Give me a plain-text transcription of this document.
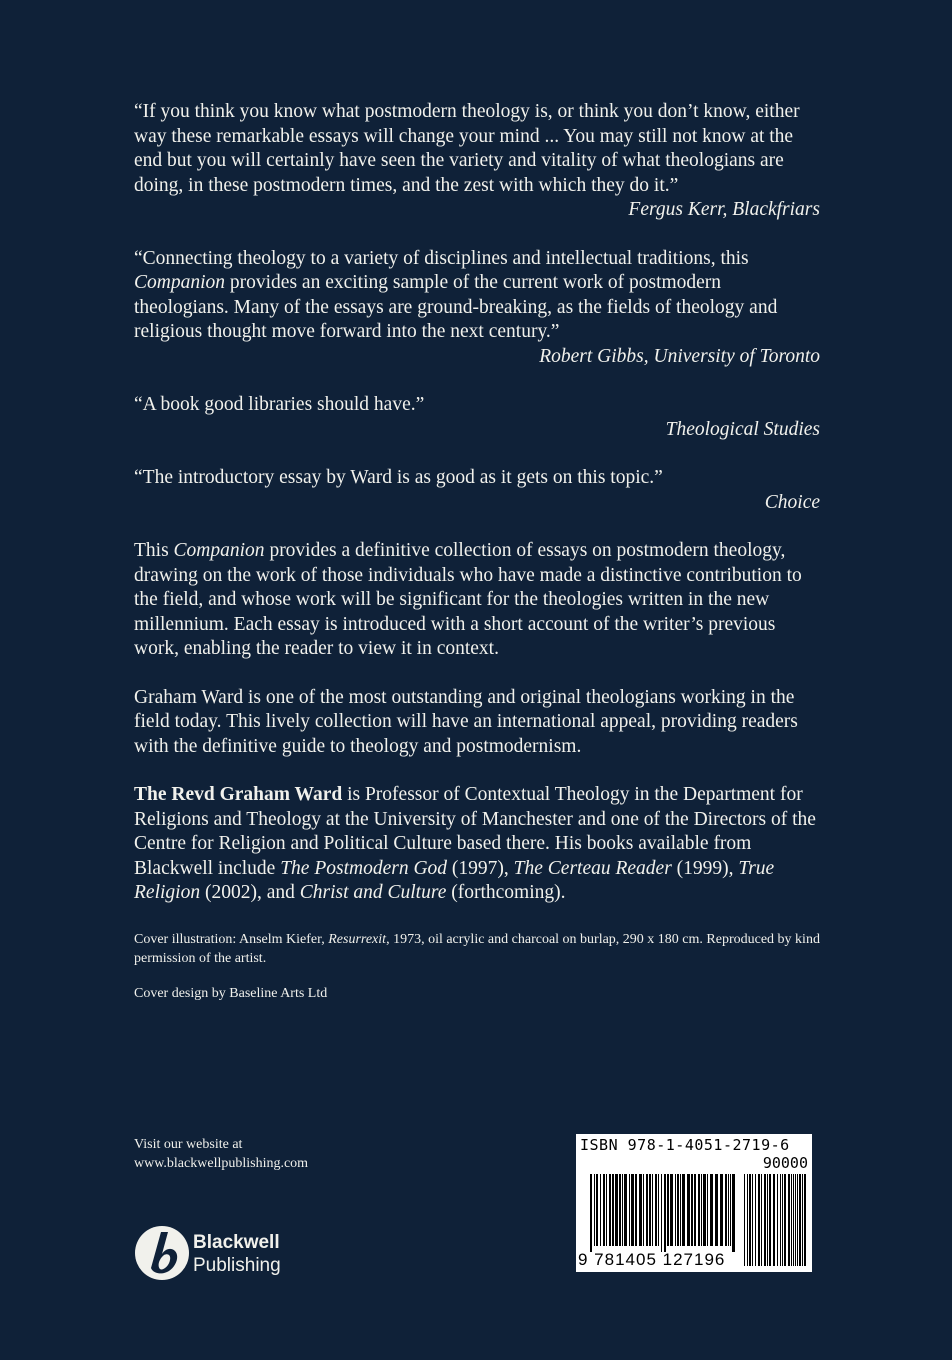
“If you think you know what postmodern theology is, or think you don’t know, either way these remarkable essays will change your mind ... You may still not know at the end but you will certainly have seen the variety and vitality of what theologians are doing, in these postmodern times, and the zest with which they do it.”

Fergus Kerr, Blackfriars

“Connecting theology to a variety of disciplines and intellectual traditions, this Companion provides an exciting sample of the current work of postmodern theologians. Many of the essays are ground-breaking, as the fields of theology and religious thought move forward into the next century.”

Robert Gibbs, University of Toronto

“A book good libraries should have.”

Theological Studies

“The introductory essay by Ward is as good as it gets on this topic.”

Choice

This Companion provides a definitive collection of essays on postmodern theology, drawing on the work of those individuals who have made a distinctive contribution to the field, and whose work will be significant for the theologies written in the new millennium. Each essay is introduced with a short account of the writer’s previous work, enabling the reader to view it in context.

Graham Ward is one of the most outstanding and original theologians working in the field today. This lively collection will have an international appeal, providing readers with the definitive guide to theology and postmodernism.

The Revd Graham Ward is Professor of Contextual Theology in the Department for Religions and Theology at the University of Manchester and one of the Directors of the Centre for Religion and Political Culture based there. His books available from Blackwell include The Postmodern God (1997), The Certeau Reader (1999), True Religion (2002), and Christ and Culture (forthcoming).

Cover illustration: Anselm Kiefer, Resurrexit, 1973, oil acrylic and charcoal on burlap, 290 x 180 cm. Reproduced by kind permission of the artist.

Cover design by Baseline Arts Ltd

Visit our website at
www.blackwellpublishing.com
Blackwell
Publishing
ISBN 978-1-4051-2719-6
90000
9 781405 127196
